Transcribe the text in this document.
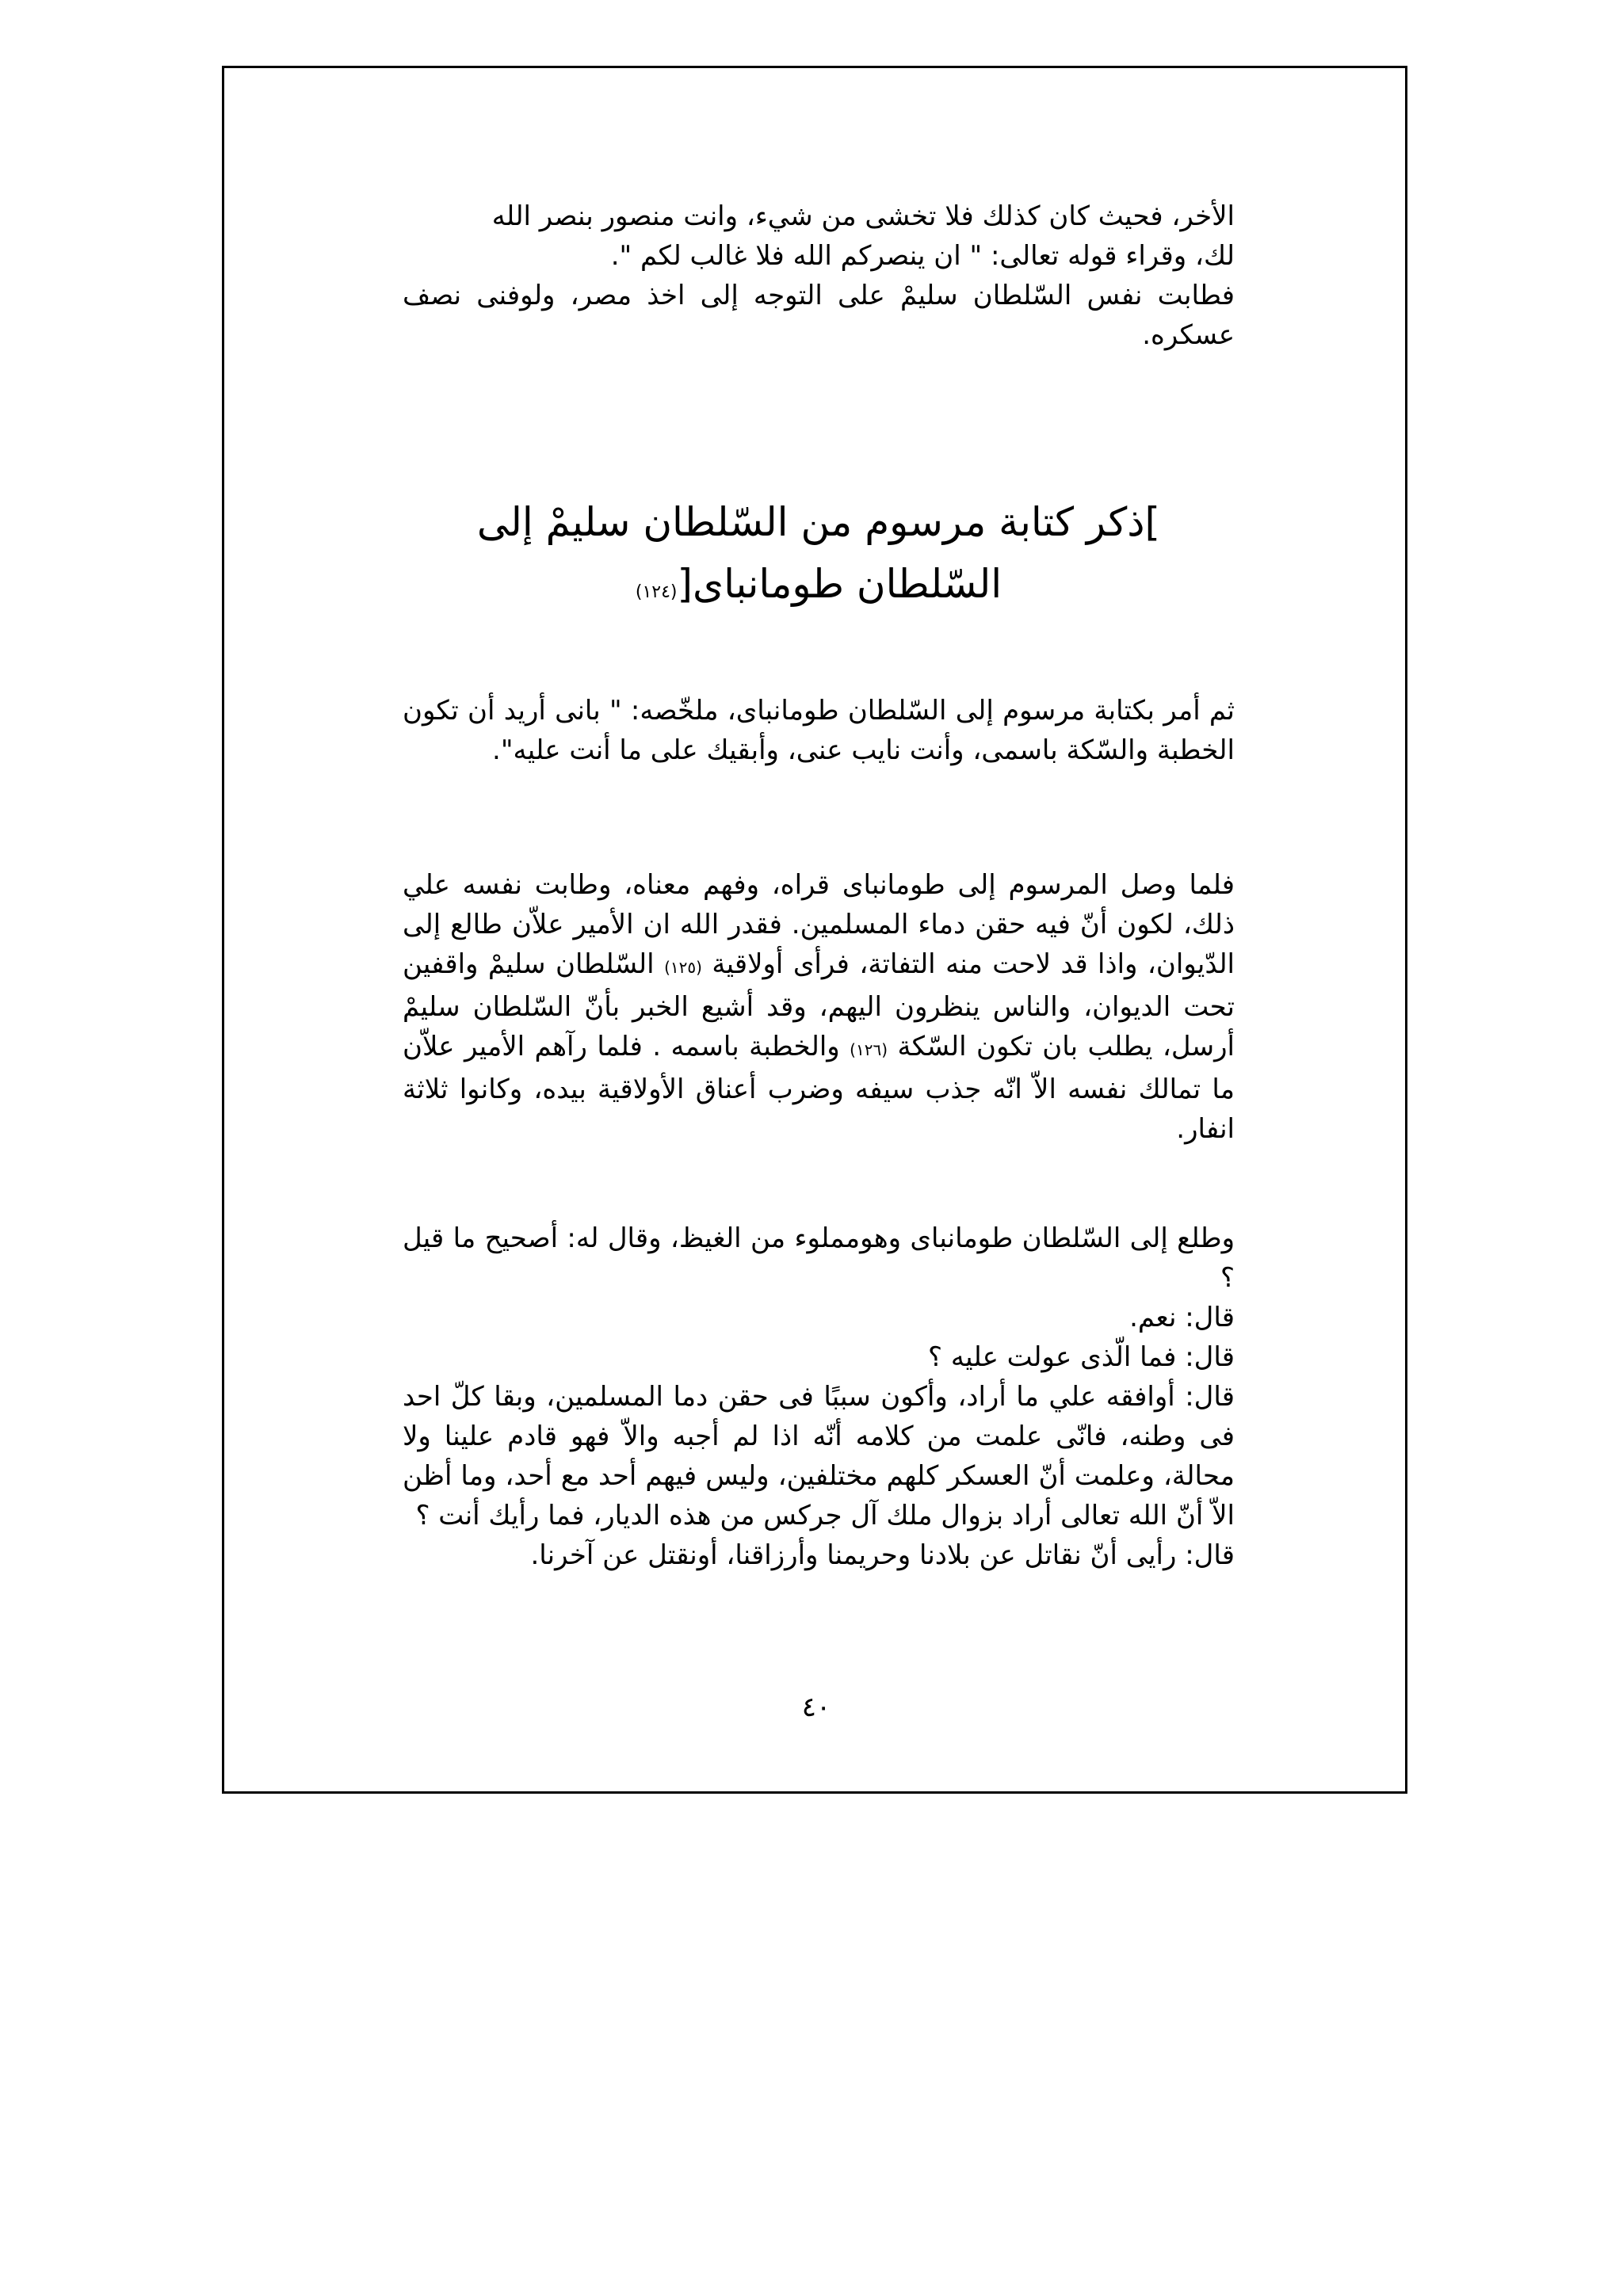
الأخر، فحيث كان كذلك فلا تخشى من شيء، وانت منصور بنصر الله

لك، وقراء قوله تعالى: " ان ينصركم الله فلا غالب لكم ".

فطابت نفس السّلطان سليمْ على التوجه إلى اخذ مصر، ولوفنى نصف عسكره.

]ذكر كتابة مرسوم من السّلطان سليمْ إلى
السّلطان طومانباى[(١٢٤)

ثم أمر بكتابة مرسوم إلى السّلطان طومانباى، ملخّصه: " بانى أريد أن تكون الخطبة والسّكة باسمى، وأنت نايب عنى، وأبقيك على ما أنت عليه".

فلما وصل المرسوم إلى طومانباى قراه، وفهم معناه، وطابت نفسه علي ذلك، لكون أنّ فيه حقن دماء المسلمين. فقدر الله ان الأمير علاّن طالع إلى الدّيوان، واذا قد لاحت منه التفاتة، فرأى أولاقية (١٢٥) السّلطان سليمْ واقفين تحت الديوان، والناس ينظرون اليهم، وقد أشيع الخبر بأنّ السّلطان سليمْ أرسل، يطلب بان تكون السّكة (١٢٦) والخطبة باسمه . فلما رآهم الأمير علاّن ما تمالك نفسه الاّ انّه جذب سيفه وضرب أعناق الأولاقية بيده، وكانوا ثلاثة انفار.

وطلع إلى السّلطان طومانباى وهومملوء من الغيظ، وقال له: أصحيح ما قيل ؟

قال: نعم.

قال: فما الّذى عولت عليه ؟

قال: أوافقه علي ما أراد، وأكون سببًا فى حقن دما المسلمين، وبقا كلّ احد فى وطنه، فانّى علمت من كلامه أنّه اذا لم أجبه والاّ فهو قادم علينا ولا محالة، وعلمت أنّ العسكر كلهم مختلفين، وليس فيهم أحد مع أحد، وما أظن الاّ أنّ الله تعالى أراد بزوال ملك آل جركس من هذه الديار، فما رأيك أنت ؟

قال: رأيى أنّ نقاتل عن بلادنا وحريمنا وأرزاقنا، أونقتل عن آخرنا.

٤٠
